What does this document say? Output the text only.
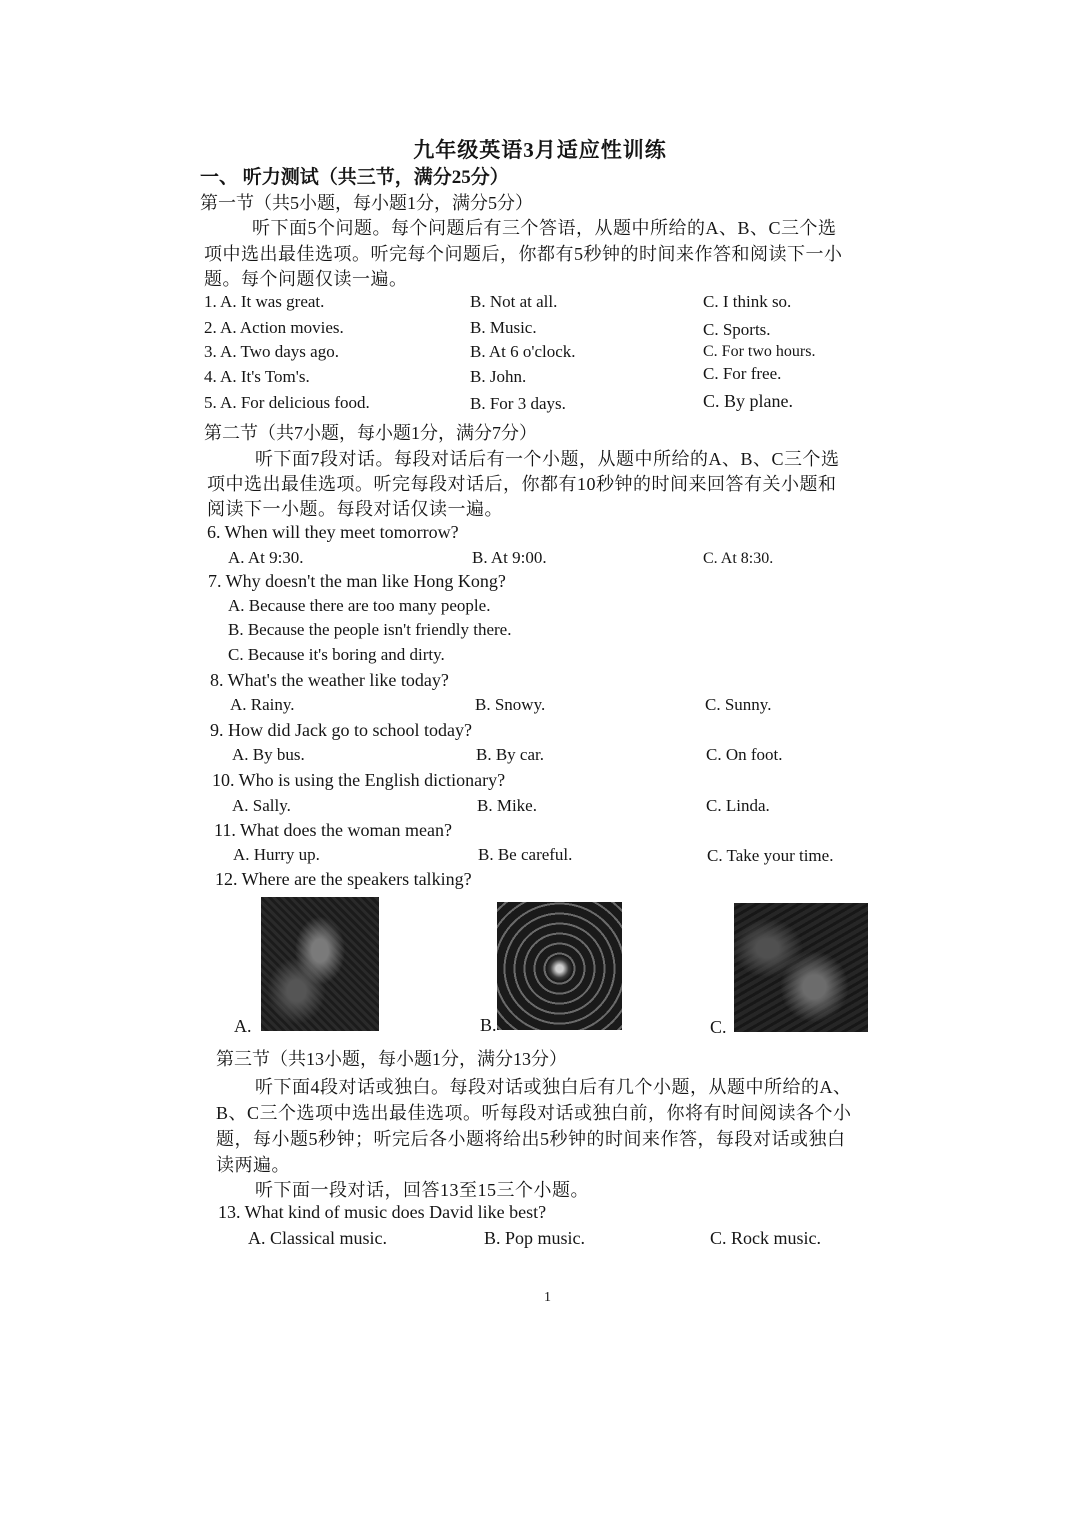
九年级英语3月适应性训练
一、 听力测试（共三节，满分25分）
第一节（共5小题，每小题1分，满分5分）
听下面5个问题。每个问题后有三个答语，从题中所给的A、B、C三个选
项中选出最佳选项。听完每个问题后，你都有5秒钟的时间来作答和阅读下一小
题。每个问题仅读一遍。
1. A. It was great.	B. Not at all.	C. I think so.
2. A. Action movies.	B. Music.	C. Sports.
3. A. Two days ago.	B. At 6 o'clock.	C. For two hours.
4. A. It's Tom's.	B. John.	C. For free.
5. A. For delicious food.	B. For 3 days.	C. By plane.
第二节（共7小题，每小题1分，满分7分）
听下面7段对话。每段对话后有一个小题，从题中所给的A、B、C三个选
项中选出最佳选项。听完每段对话后，你都有10秒钟的时间来回答有关小题和
阅读下一小题。每段对话仅读一遍。
6. When will they meet tomorrow?
A. At 9:30.	B. At 9:00.	C. At 8:30.
7. Why doesn't the man like Hong Kong?
A. Because there are too many people.
B. Because the people isn't friendly there.
C. Because it's boring and dirty.
8. What's the weather like today?
A. Rainy.	B. Snowy.	C. Sunny.
9. How did Jack go to school today?
A. By bus.	B. By car.	C. On foot.
10. Who is using the English dictionary?
A. Sally.	B. Mike.	C. Linda.
11. What does the woman mean?
A. Hurry up.	B. Be careful.	C. Take your time.
12. Where are the speakers talking?
A.	B.	C.
第三节（共13小题，每小题1分，满分13分）
听下面4段对话或独白。每段对话或独白后有几个小题，从题中所给的A、
B、C三个选项中选出最佳选项。听每段对话或独白前，你将有时间阅读各个小
题，每小题5秒钟；听完后各小题将给出5秒钟的时间来作答，每段对话或独白
读两遍。
听下面一段对话，回答13至15三个小题。
13. What kind of music does David like best?
A. Classical music.	B. Pop music.	C. Rock music.
1
